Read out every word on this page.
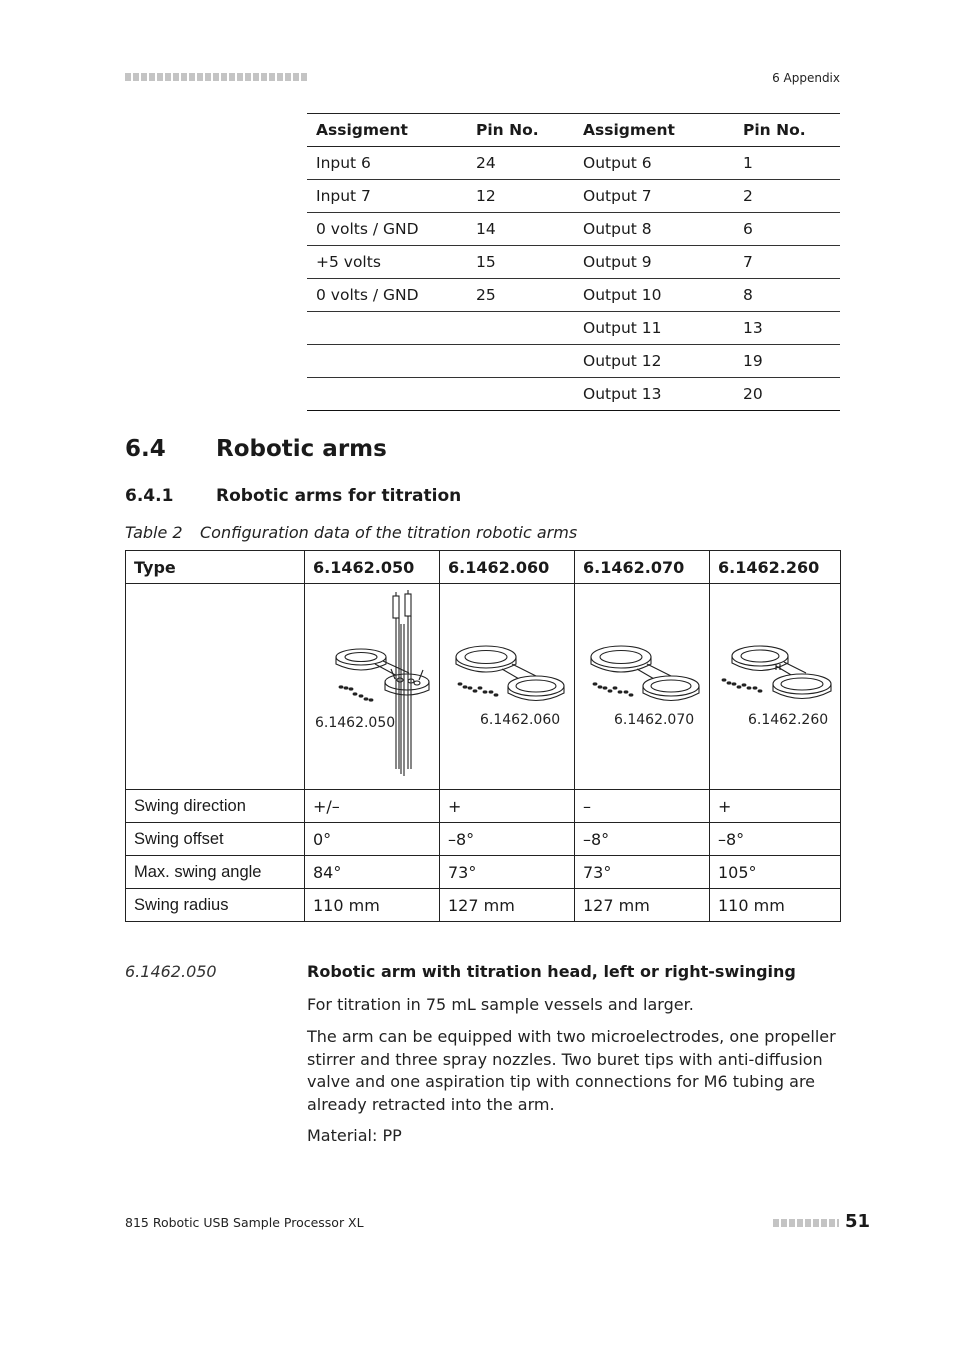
6 Appendix
Assigment	Pin No.	Assigment	Pin No.
Input 6	24	Output 6	1
Input 7	12	Output 7	2
0 volts / GND	14	Output 8	6
+5 volts	15	Output 9	7
0 volts / GND	25	Output 10	8
		Output 11	13
		Output 12	19
		Output 13	20
6.4 Robotic arms
6.4.1	Robotic arms for titration
Table 2 Configuration data of the titration robotic arms
Type	6.1462.050	6.1462.060	6.1462.070	6.1462.260

	6.1462.050	6.1462.060	6.1462.070	6.1462.260

Swing direction	+/–	+	–	+
Swing offset	0°	–8°	–8°	–8°
Max. swing angle	84°	73°	73°	105°
Swing radius	110 mm	127 mm	127 mm	110 mm
6.1462.050	Robotic arm with titration head, left or right-swinging
For titration in 75 mL sample vessels and larger.
The arm can be equipped with two microelectrodes, one propeller stirrer and three spray nozzles. Two buret tips with anti-diffusion valve and one aspiration tip with connections for M6 tubing are already retracted into the arm.
Material: PP
815 Robotic USB Sample Processor XL	51
